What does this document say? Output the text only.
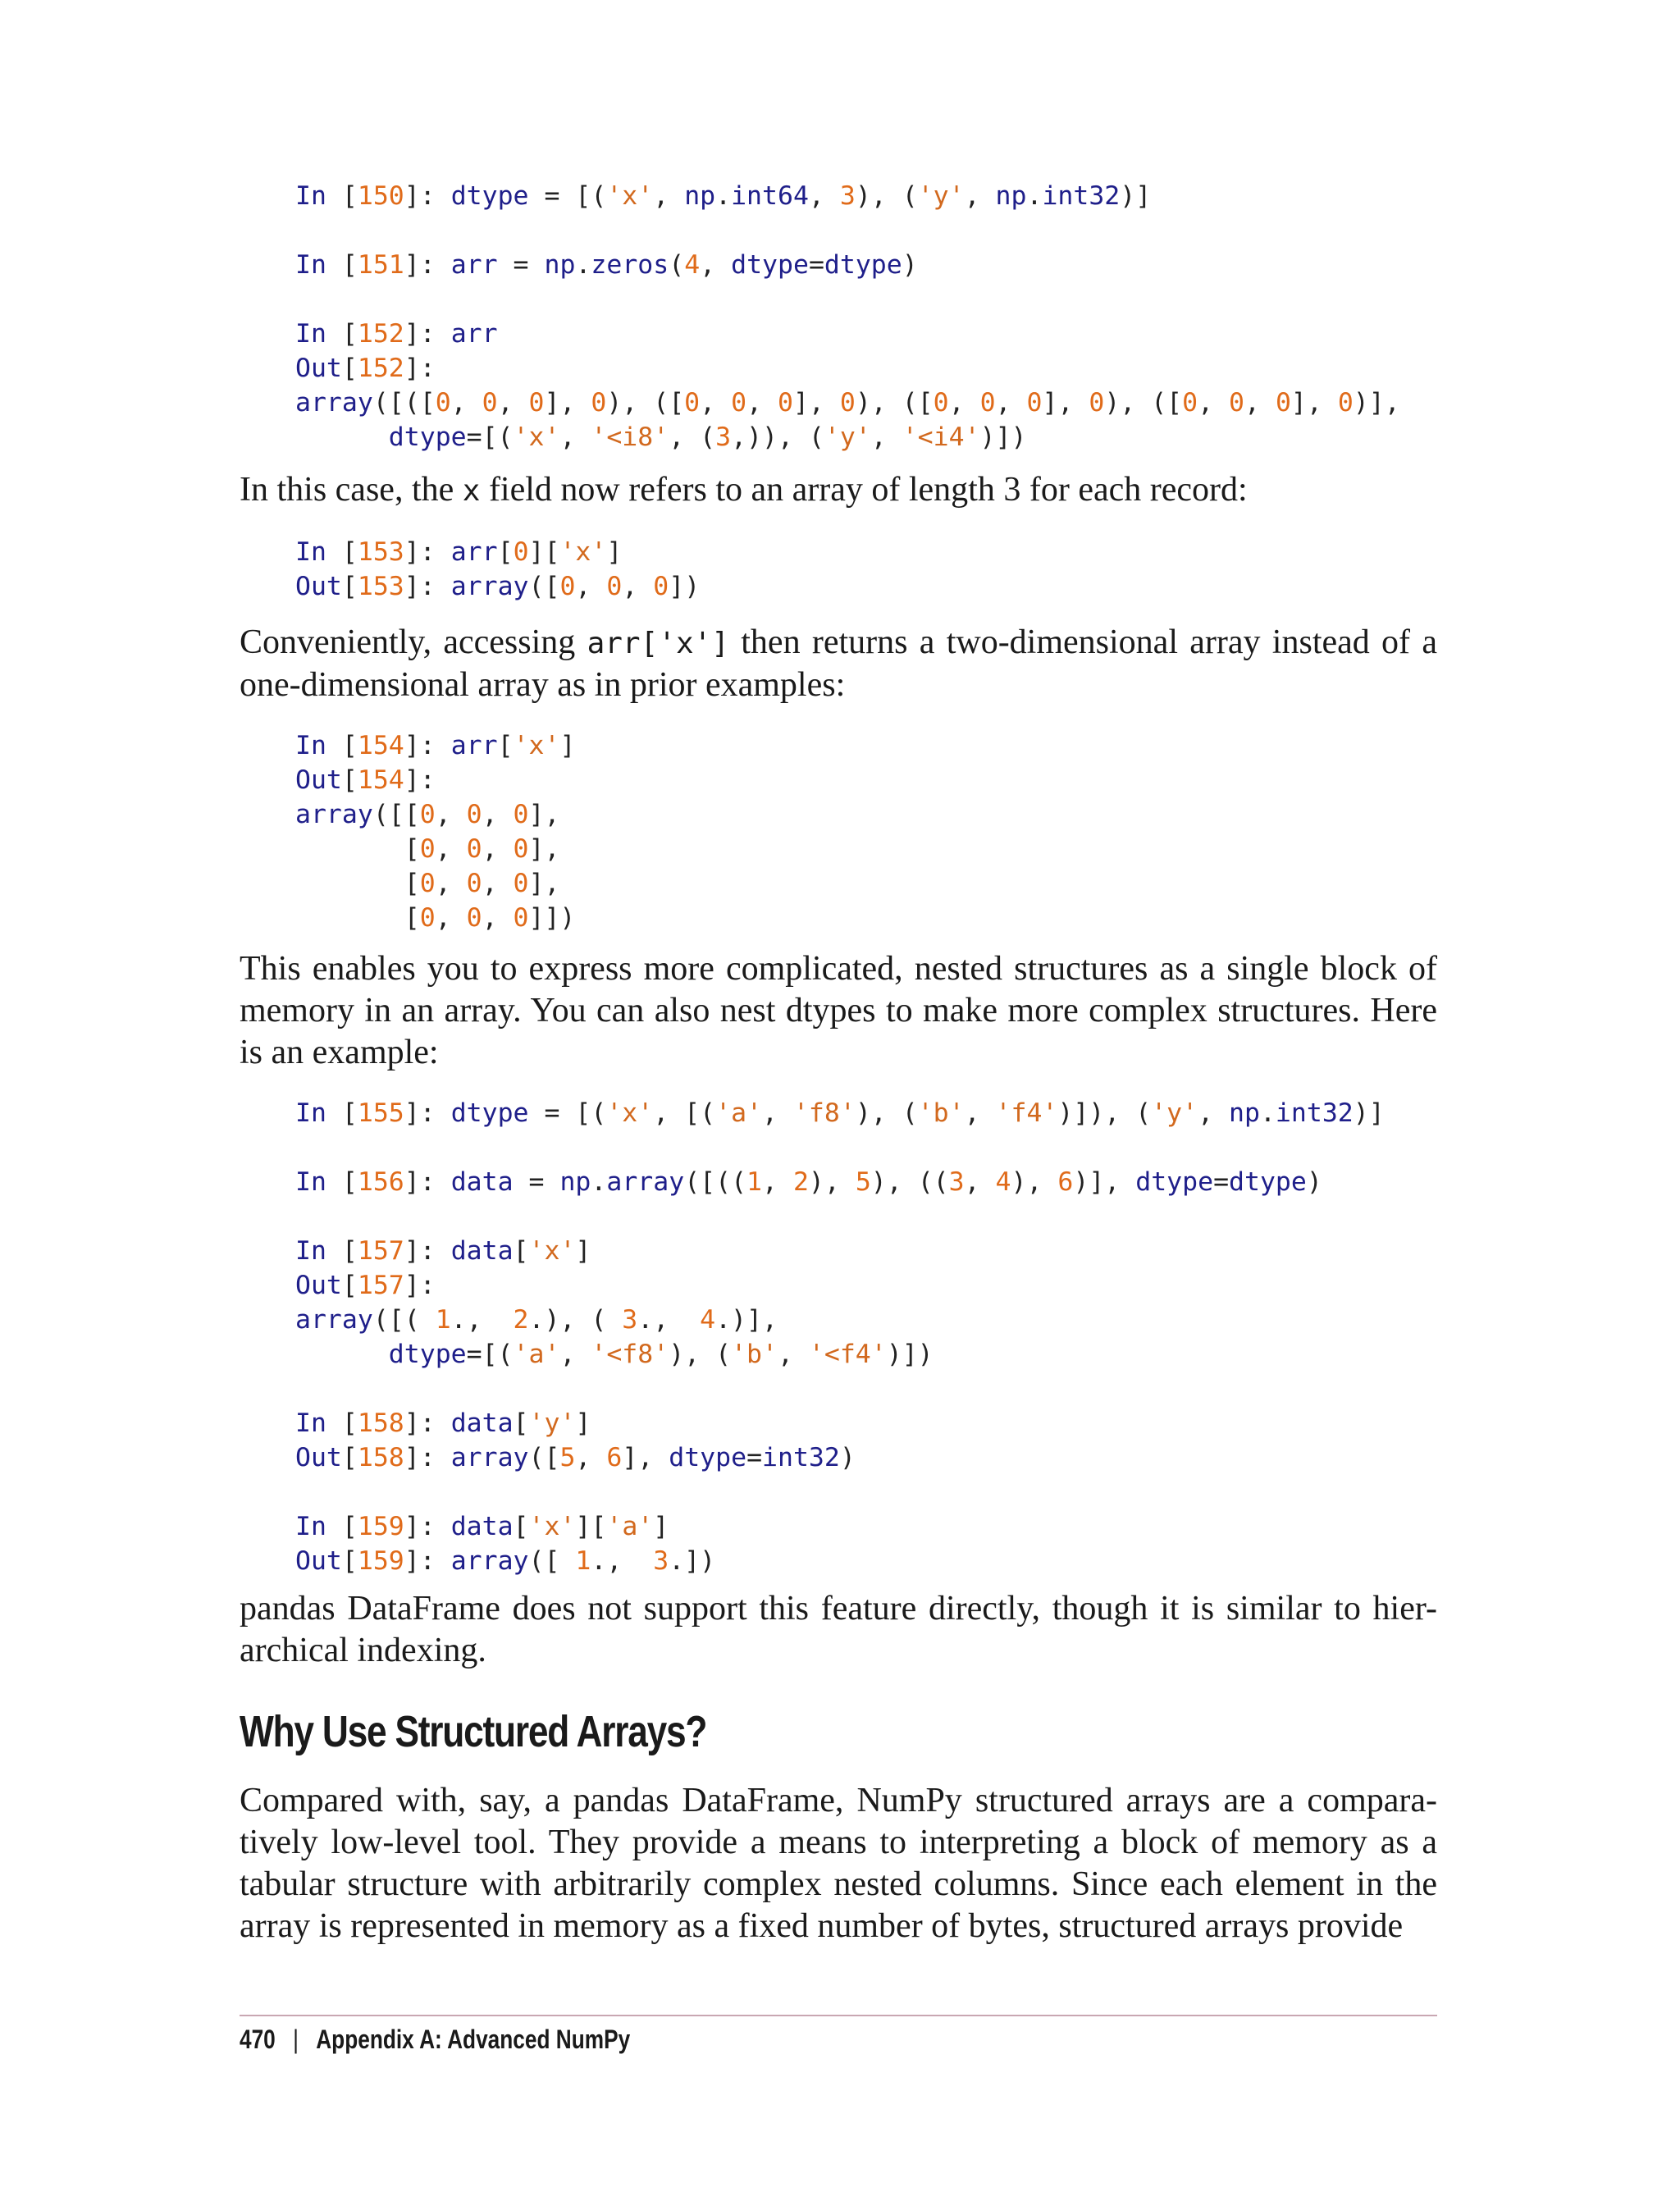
In [150]: dtype = [('x', np.int64, 3), ('y', np.int32)]
In [151]: arr = np.zeros(4, dtype=dtype)
In [152]: arr
Out[152]:
array([([0, 0, 0], 0), ([0, 0, 0], 0), ([0, 0, 0], 0), ([0, 0, 0], 0)],
dtype=[('x', '<i8', (3,)), ('y', '<i4')])

In this case, the x field now refers to an array of length 3 for each record:

In [153]: arr[0]['x']
Out[153]: array([0, 0, 0])

Conveniently, accessing arr['x'] then returns a two-dimensional array instead of a
one-dimensional array as in prior examples:

In [154]: arr['x']
Out[154]:
array([[0, 0, 0],
[0, 0, 0],
[0, 0, 0],
[0, 0, 0]])

This enables you to express more complicated, nested structures as a single block of
memory in an array. You can also nest dtypes to make more complex structures. Here
is an example:

In [155]: dtype = [('x', [('a', 'f8'), ('b', 'f4')]), ('y', np.int32)]
In [156]: data = np.array([((1, 2), 5), ((3, 4), 6)], dtype=dtype)
In [157]: data['x']
Out[157]:
array([( 1.,  2.), ( 3.,  4.)],
dtype=[('a', '<f8'), ('b', '<f4')])
In [158]: data['y']
Out[158]: array([5, 6], dtype=int32)
In [159]: data['x']['a']
Out[159]: array([ 1.,  3.])

pandas DataFrame does not support this feature directly, though it is similar to hier-
archical indexing.

Why Use Structured Arrays?

Compared with, say, a pandas DataFrame, NumPy structured arrays are a compara-
tively low-level tool. They provide a means to interpreting a block of memory as a
tabular structure with arbitrarily complex nested columns. Since each element in the
array is represented in memory as a fixed number of bytes, structured arrays provide

470 | Appendix A: Advanced NumPy
